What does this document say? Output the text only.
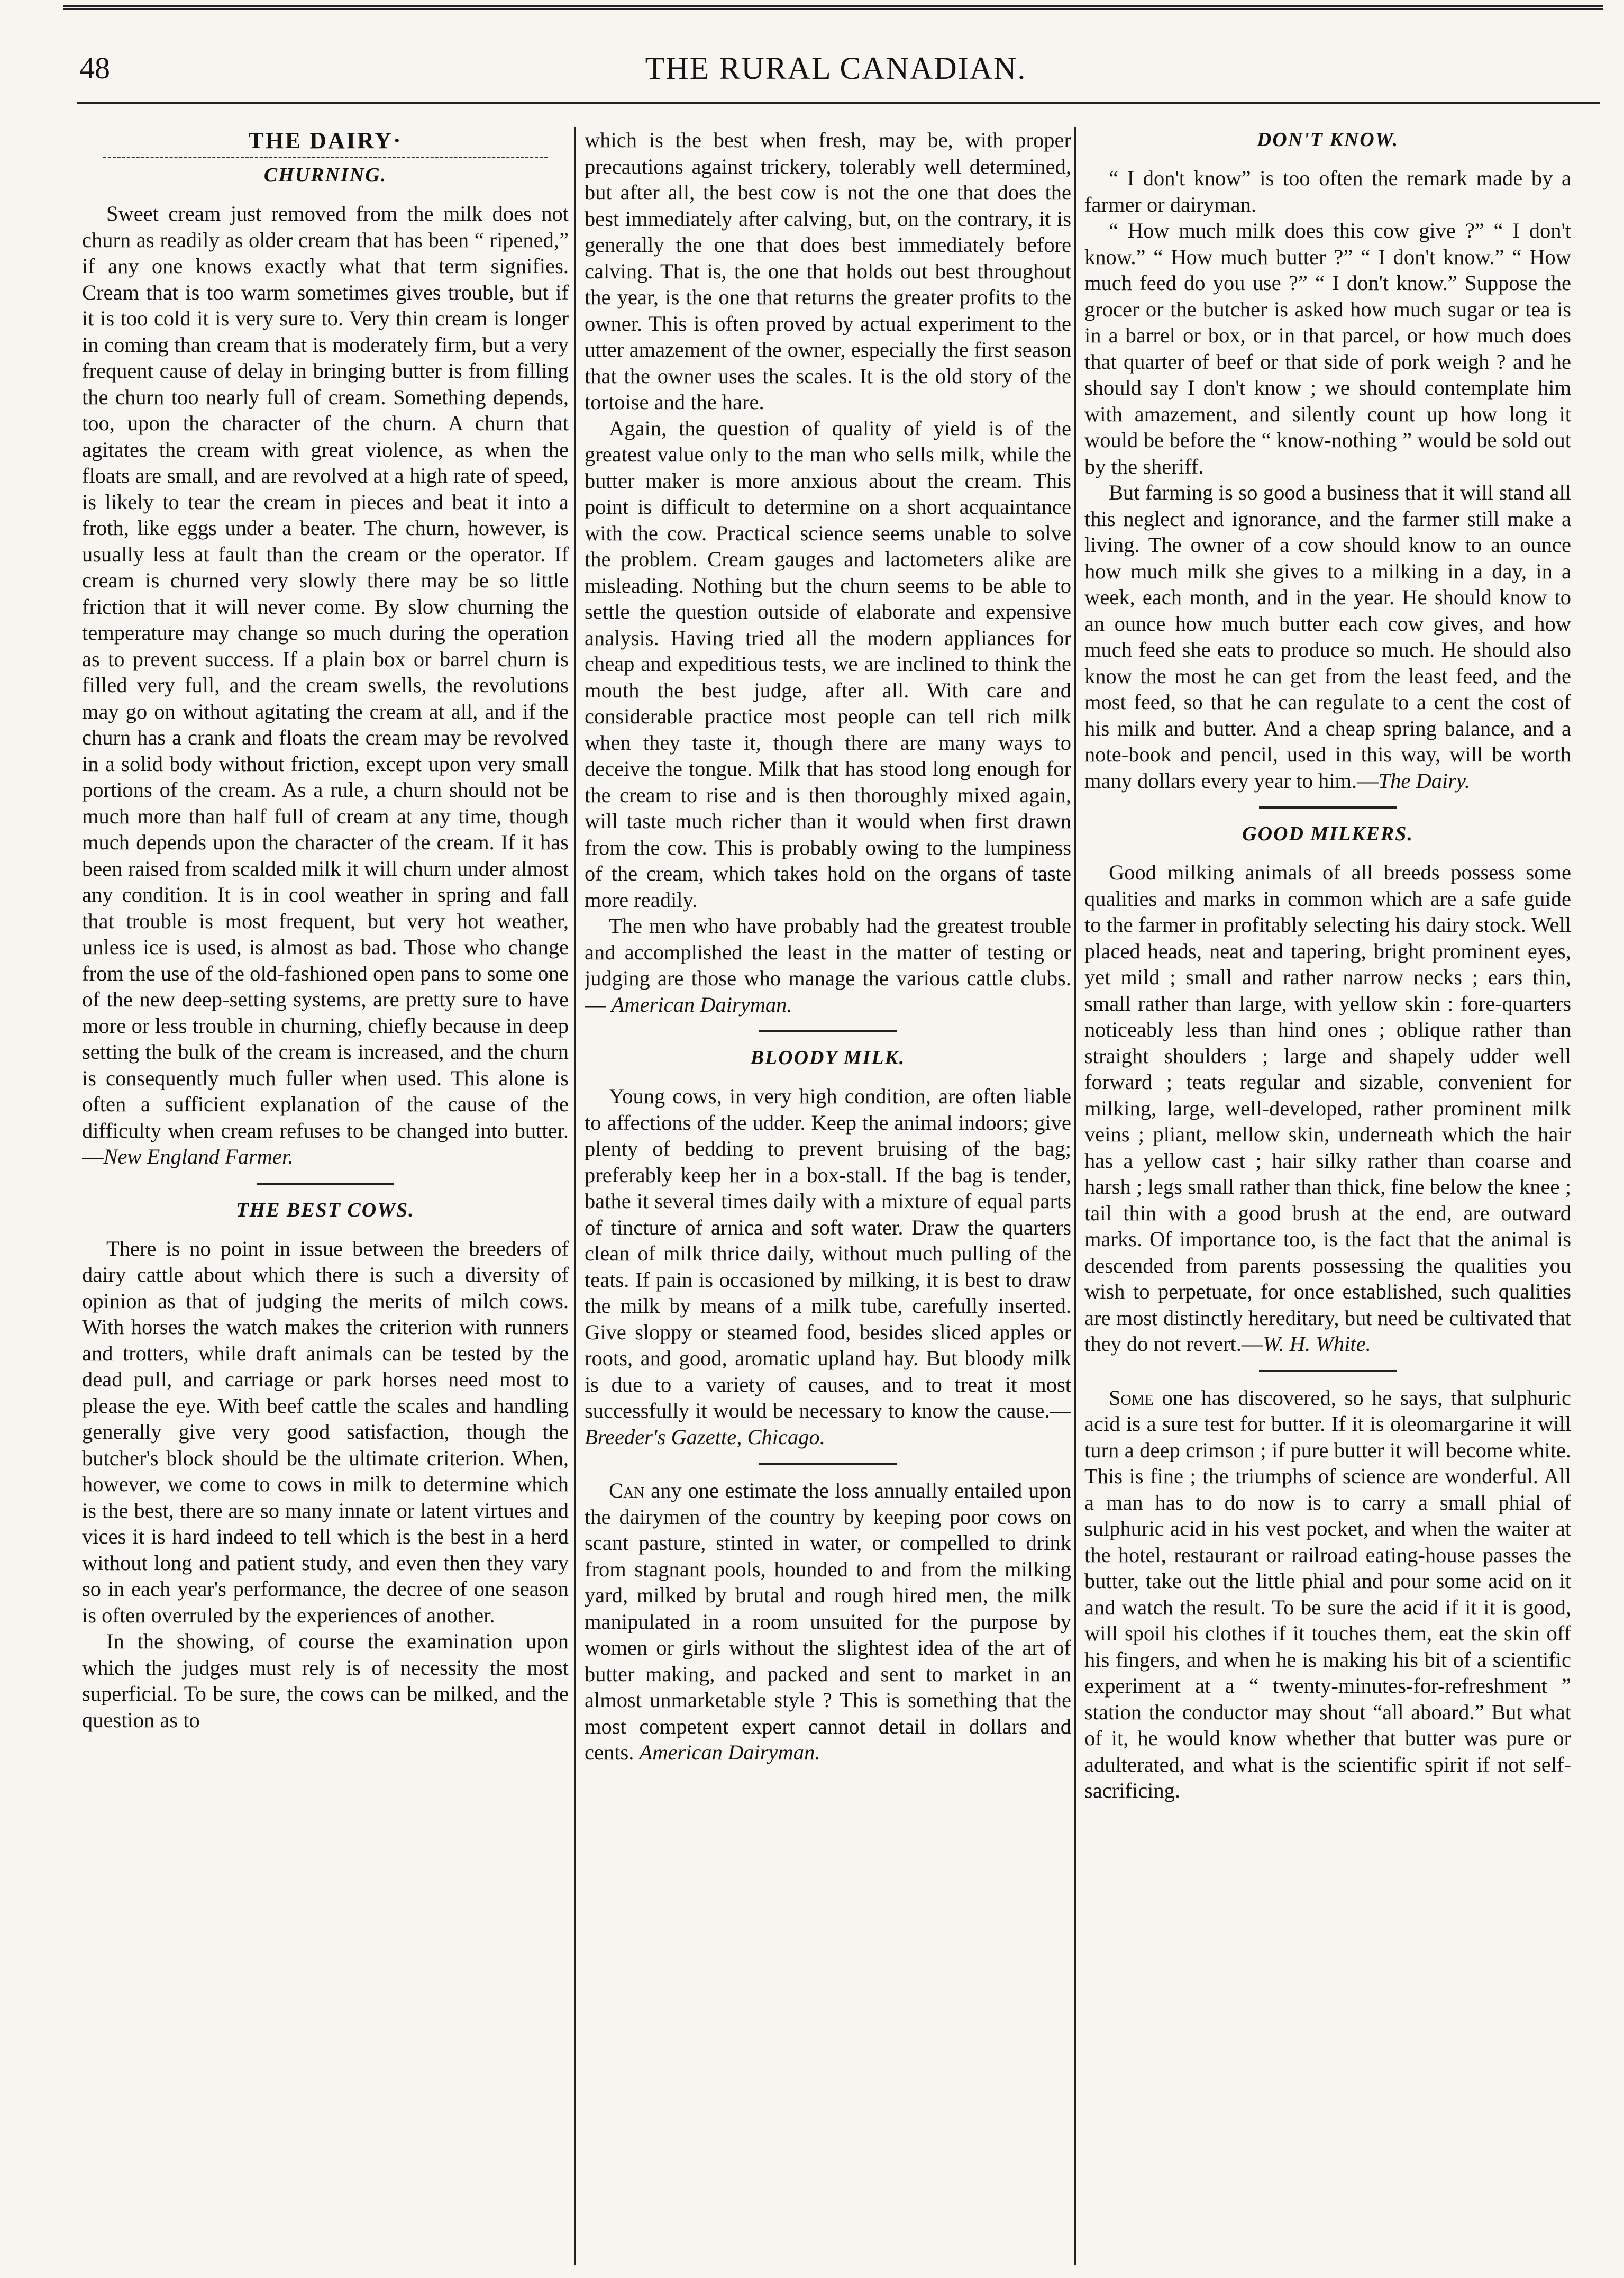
48	THE RURAL CANADIAN.
THE DAIRY·
CHURNING.

Sweet cream just removed from the milk does not churn as readily as older cream that has been “ ripened,” if any one knows exactly what that term signifies. Cream that is too warm sometimes gives trouble, but if it is too cold it is very sure to. Very thin cream is longer in coming than cream that is moderately firm, but a very frequent cause of delay in bringing butter is from filling the churn too nearly full of cream. Something depends, too, upon the character of the churn. A churn that agitates the cream with great violence, as when the floats are small, and are revolved at a high rate of speed, is likely to tear the cream in pieces and beat it into a froth, like eggs under a beater. The churn, however, is usually less at fault than the cream or the operator. If cream is churned very slowly there may be so little friction that it will never come. By slow churning the temperature may change so much during the operation as to prevent success. If a plain box or barrel churn is filled very full, and the cream swells, the revolutions may go on without agitating the cream at all, and if the churn has a crank and floats the cream may be revolved in a solid body without friction, except upon very small portions of the cream. As a rule, a churn should not be much more than half full of cream at any time, though much depends upon the character of the cream. If it has been raised from scalded milk it will churn under almost any condition. It is in cool weather in spring and fall that trouble is most frequent, but very hot weather, unless ice is used, is almost as bad. Those who change from the use of the old-fashioned open pans to some one of the new deep-setting systems, are pretty sure to have more or less trouble in churning, chiefly because in deep setting the bulk of the cream is increased, and the churn is consequently much fuller when used. This alone is often a sufficient explanation of the cause of the difficulty when cream refuses to be changed into butter.—New England Farmer.

THE BEST COWS.

There is no point in issue between the breeders of dairy cattle about which there is such a diversity of opinion as that of judging the merits of milch cows. With horses the watch makes the criterion with runners and trotters, while draft animals can be tested by the dead pull, and carriage or park horses need most to please the eye. With beef cattle the scales and handling generally give very good satisfaction, though the butcher's block should be the ultimate criterion. When, however, we come to cows in milk to determine which is the best, there are so many innate or latent virtues and vices it is hard indeed to tell which is the best in a herd without long and patient study, and even then they vary so in each year's performance, the decree of one season is often overruled by the experiences of another.

In the showing, of course the examination upon which the judges must rely is of necessity the most superficial. To be sure, the cows can be milked, and the question as to

which is the best when fresh, may be, with proper precautions against trickery, tolerably well determined, but after all, the best cow is not the one that does the best immediately after calving, but, on the contrary, it is generally the one that does best immediately before calving. That is, the one that holds out best throughout the year, is the one that returns the greater profits to the owner. This is often proved by actual experiment to the utter amazement of the owner, especially the first season that the owner uses the scales. It is the old story of the tortoise and the hare.

Again, the question of quality of yield is of the greatest value only to the man who sells milk, while the butter maker is more anxious about the cream. This point is difficult to determine on a short acquaintance with the cow. Practical science seems unable to solve the problem. Cream gauges and lactometers alike are misleading. Nothing but the churn seems to be able to settle the question outside of elaborate and expensive analysis. Having tried all the modern appliances for cheap and expeditious tests, we are inclined to think the mouth the best judge, after all. With care and considerable practice most people can tell rich milk when they taste it, though there are many ways to deceive the tongue. Milk that has stood long enough for the cream to rise and is then thoroughly mixed again, will taste much richer than it would when first drawn from the cow. This is probably owing to the lumpiness of the cream, which takes hold on the organs of taste more readily.

The men who have probably had the greatest trouble and accomplished the least in the matter of testing or judging are those who manage the various cattle clubs. — American Dairyman.

BLOODY MILK.

Young cows, in very high condition, are often liable to affections of the udder. Keep the animal indoors; give plenty of bedding to prevent bruising of the bag; preferably keep her in a box-stall. If the bag is tender, bathe it several times daily with a mixture of equal parts of tincture of arnica and soft water. Draw the quarters clean of milk thrice daily, without much pulling of the teats. If pain is occasioned by milking, it is best to draw the milk by means of a milk tube, carefully inserted. Give sloppy or steamed food, besides sliced apples or roots, and good, aromatic upland hay. But bloody milk is due to a variety of causes, and to treat it most successfully it would be necessary to know the cause.—Breeder's Gazette, Chicago.

Can any one estimate the loss annually entailed upon the dairymen of the country by keeping poor cows on scant pasture, stinted in water, or compelled to drink from stagnant pools, hounded to and from the milking yard, milked by brutal and rough hired men, the milk manipulated in a room unsuited for the purpose by women or girls without the slightest idea of the art of butter making, and packed and sent to market in an almost unmarketable style ? This is something that the most competent expert cannot detail in dollars and cents. American Dairyman.

DON'T KNOW.

“ I don't know” is too often the remark made by a farmer or dairyman.

“ How much milk does this cow give ?” “ I don't know.” “ How much butter ?” “ I don't know.” “ How much feed do you use ?” “ I don't know.” Suppose the grocer or the butcher is asked how much sugar or tea is in a barrel or box, or in that parcel, or how much does that quarter of beef or that side of pork weigh ? and he should say I don't know ; we should contemplate him with amazement, and silently count up how long it would be before the “ know-nothing ” would be sold out by the sheriff.

But farming is so good a business that it will stand all this neglect and ignorance, and the farmer still make a living. The owner of a cow should know to an ounce how much milk she gives to a milking in a day, in a week, each month, and in the year. He should know to an ounce how much butter each cow gives, and how much feed she eats to produce so much. He should also know the most he can get from the least feed, and the most feed, so that he can regulate to a cent the cost of his milk and butter. And a cheap spring balance, and a note-book and pencil, used in this way, will be worth many dollars every year to him.—The Dairy.

GOOD MILKERS.

Good milking animals of all breeds possess some qualities and marks in common which are a safe guide to the farmer in profitably selecting his dairy stock. Well placed heads, neat and tapering, bright prominent eyes, yet mild ; small and rather narrow necks ; ears thin, small rather than large, with yellow skin : fore-quarters noticeably less than hind ones ; oblique rather than straight shoulders ; large and shapely udder well forward ; teats regular and sizable, convenient for milking, large, well-developed, rather prominent milk veins ; pliant, mellow skin, underneath which the hair has a yellow cast ; hair silky rather than coarse and harsh ; legs small rather than thick, fine below the knee ; tail thin with a good brush at the end, are outward marks. Of importance too, is the fact that the animal is descended from parents possessing the qualities you wish to perpetuate, for once established, such qualities are most distinctly hereditary, but need be cultivated that they do not revert.—W. H. White.

Some one has discovered, so he says, that sulphuric acid is a sure test for butter. If it is oleomargarine it will turn a deep crimson ; if pure butter it will become white. This is fine ; the triumphs of science are wonderful. All a man has to do now is to carry a small phial of sulphuric acid in his vest pocket, and when the waiter at the hotel, restaurant or railroad eating-house passes the butter, take out the little phial and pour some acid on it and watch the result. To be sure the acid if it it is good, will spoil his clothes if it touches them, eat the skin off his fingers, and when he is making his bit of a scientific experiment at a “ twenty-minutes-for-refreshment ” station the conductor may shout “all aboard.” But what of it, he would know whether that butter was pure or adulterated, and what is the scientific spirit if not self-sacrificing.
